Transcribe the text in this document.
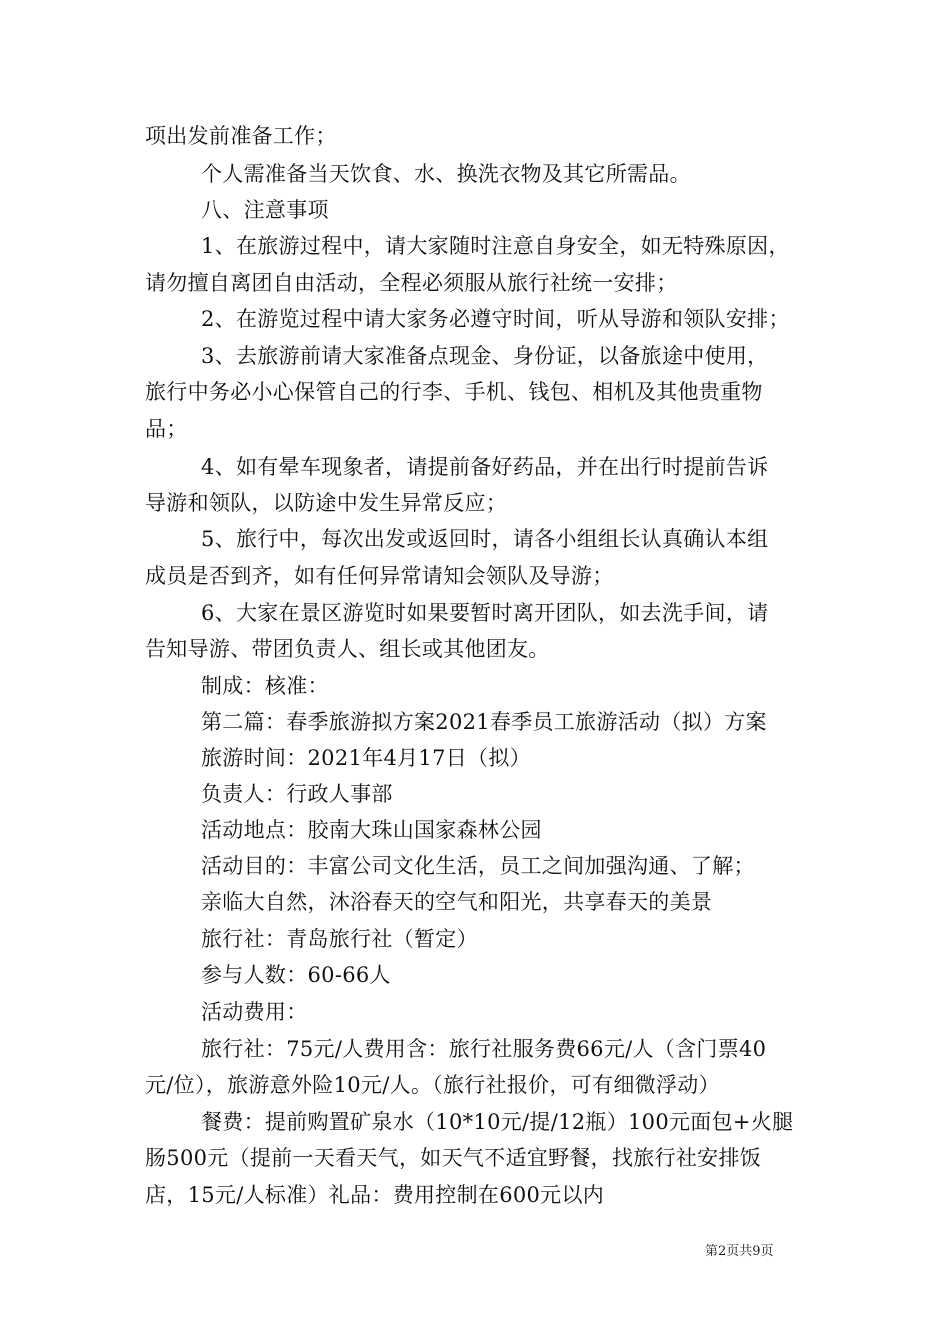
项出发前准备工作；
个人需准备当天饮食、水、换洗衣物及其它所需品。
八、注意事项
1、在旅游过程中，请大家随时注意自身安全，如无特殊原因，
请勿擅自离团自由活动，全程必须服从旅行社统一安排；
2、在游览过程中请大家务必遵守时间，听从导游和领队安排；
3、去旅游前请大家准备点现金、身份证，以备旅途中使用，
旅行中务必小心保管自己的行李、手机、钱包、相机及其他贵重物
品；
4、如有晕车现象者，请提前备好药品，并在出行时提前告诉
导游和领队，以防途中发生异常反应；
5、旅行中，每次出发或返回时，请各小组组长认真确认本组
成员是否到齐，如有任何异常请知会领队及导游；
6、大家在景区游览时如果要暂时离开团队，如去洗手间，请
告知导游、带团负责人、组长或其他团友。
制成：核准：
第二篇：春季旅游拟方案2021春季员工旅游活动（拟）方案
旅游时间：2021年4月17日（拟）
负责人：行政人事部
活动地点：胶南大珠山国家森林公园
活动目的：丰富公司文化生活，员工之间加强沟通、了解；
亲临大自然，沐浴春天的空气和阳光，共享春天的美景
旅行社：青岛旅行社（暂定）
参与人数：60-66人
活动费用：
旅行社：75元/人费用含：旅行社服务费66元/人（含门票40
元/位），旅游意外险10元/人。（旅行社报价，可有细微浮动）
餐费：提前购置矿泉水（10*10元/提/12瓶）100元面包+火腿
肠500元（提前一天看天气，如天气不适宜野餐，找旅行社安排饭
店，15元/人标准）礼品：费用控制在600元以内
第2页共9页
